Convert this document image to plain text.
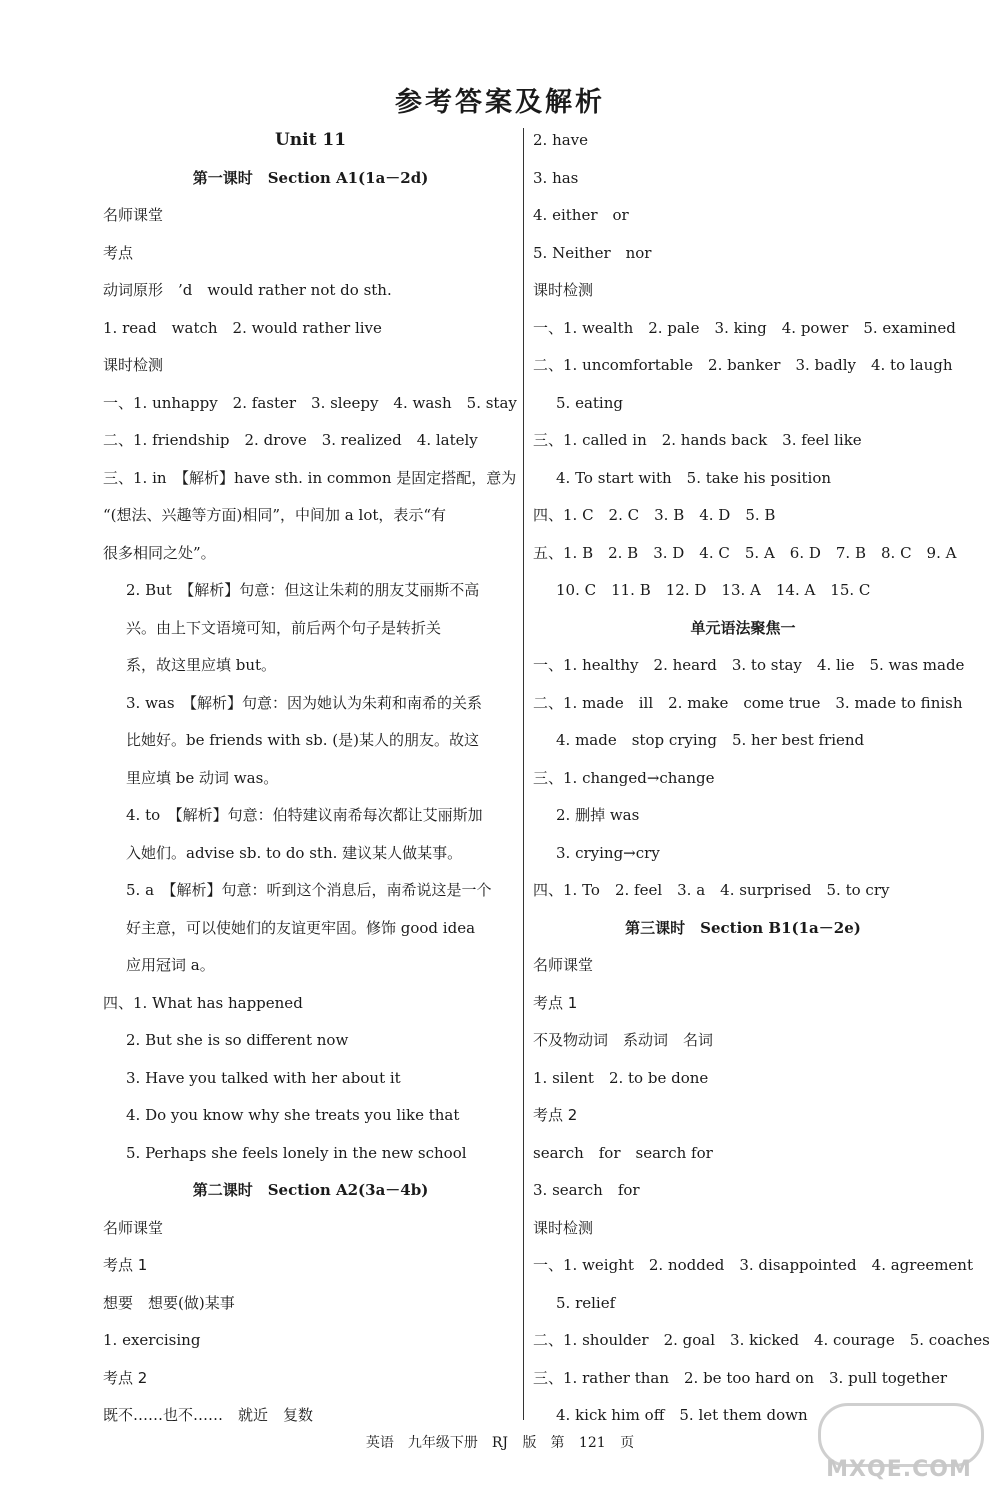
参考答案及解析
Unit 11
第一课时　Section A1(1a－2d)
名师课堂
考点
动词原形　’d　would rather not do sth.
1. read　watch　2. would rather live
课时检测
一、1. unhappy　2. faster　3. sleepy　4. wash　5. stay
二、1. friendship　2. drove　3. realized　4. lately
三、1. in　【解析】have sth. in common 是固定搭配，意为
“(想法、兴趣等方面)相同”，中间加 a lot，表示“有
很多相同之处”。
2. But　【解析】句意：但这让朱莉的朋友艾丽斯不高
兴。由上下文语境可知，前后两个句子是转折关
系，故这里应填 but。
3. was　【解析】句意：因为她认为朱莉和南希的关系
比她好。be friends with sb. (是)某人的朋友。故这
里应填 be 动词 was。
4. to　【解析】句意：伯特建议南希每次都让艾丽斯加
入她们。advise sb. to do sth. 建议某人做某事。
5. a　【解析】句意：听到这个消息后，南希说这是一个
好主意，可以使她们的友谊更牢固。修饰 good idea
应用冠词 a。
四、1. What has happened
2. But she is so different now
3. Have you talked with her about it
4. Do you know why she treats you like that
5. Perhaps she feels lonely in the new school
第二课时　Section A2(3a－4b)
名师课堂
考点 1
想要　想要(做)某事
1. exercising
考点 2
既不……也不……　就近　复数
2. have
3. has
4. either　or
5. Neither　nor
课时检测
一、1. wealth　2. pale　3. king　4. power　5. examined
二、1. uncomfortable　2. banker　3. badly　4. to laugh
5. eating
三、1. called in　2. hands back　3. feel like
4. To start with　5. take his position
四、1. C　2. C　3. B　4. D　5. B
五、1. B　2. B　3. D　4. C　5. A　6. D　7. B　8. C　9. A
10. C　11. B　12. D　13. A　14. A　15. C
单元语法聚焦一
一、1. healthy　2. heard　3. to stay　4. lie　5. was made
二、1. made　ill　2. make　come true　3. made to finish
4. made　stop crying　5. her best friend
三、1. changed→change
2. 删掉 was
3. crying→cry
四、1. To　2. feel　3. a　4. surprised　5. to cry
第三课时　Section B1(1a－2e)
名师课堂
考点 1
不及物动词　系动词　名词
1. silent　2. to be done
考点 2
search　for　search for
3. search　for
课时检测
一、1. weight　2. nodded　3. disappointed　4. agreement
5. relief
二、1. shoulder　2. goal　3. kicked　4. courage　5. coaches
三、1. rather than　2. be too hard on　3. pull together
4. kick him off　5. let them down
英语　九年级下册　RJ 版　第 121 页
MXQE.COM
